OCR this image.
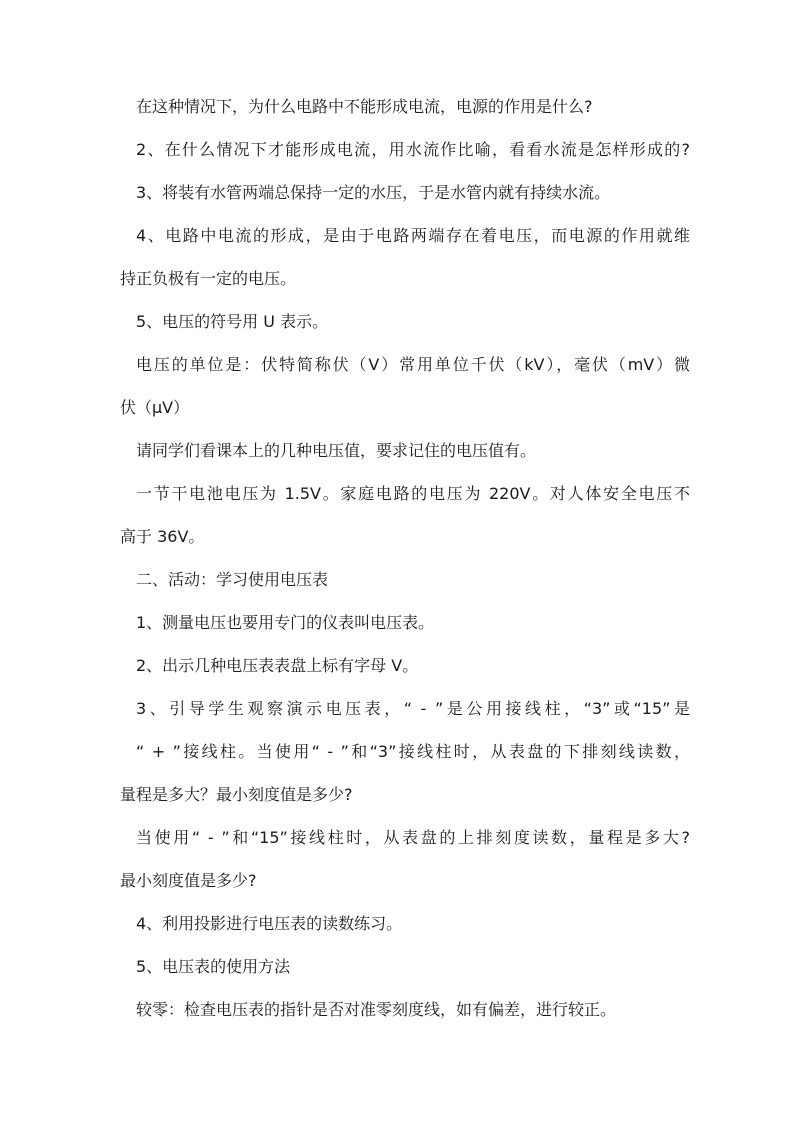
在这种情况下，为什么电路中不能形成电流，电源的作用是什么?
2、在什么情况下才能形成电流，用水流作比喻，看看水流是怎样形成的?
3、将装有水管两端总保持一定的水压，于是水管内就有持续水流。
4、电路中电流的形成，是由于电路两端存在着电压，而电源的作用就维
持正负极有一定的电压。
5、电压的符号用 U 表示。
电压的单位是：伏特简称伏（V）常用单位千伏（kV），毫伏（mV）微
伏（μV）
请同学们看课本上的几种电压值，要求记住的电压值有。
一节干电池电压为 1.5V。家庭电路的电压为 220V。对人体安全电压不
高于 36V。
二、活动：学习使用电压表
1、测量电压也要用专门的仪表叫电压表。
2、出示几种电压表表盘上标有字母 V。
3、引导学生观察演示电压表，“ - ”是公用接线柱，“3”或“15”是
“ + ”接线柱。当使用“ - ”和“3”接线柱时，从表盘的下排刻线读数，
量程是多大？最小刻度值是多少?
当使用“ - ”和“15”接线柱时，从表盘的上排刻度读数，量程是多大?
最小刻度值是多少?
4、利用投影进行电压表的读数练习。
5、电压表的使用方法
较零：检查电压表的指针是否对准零刻度线，如有偏差，进行较正。
